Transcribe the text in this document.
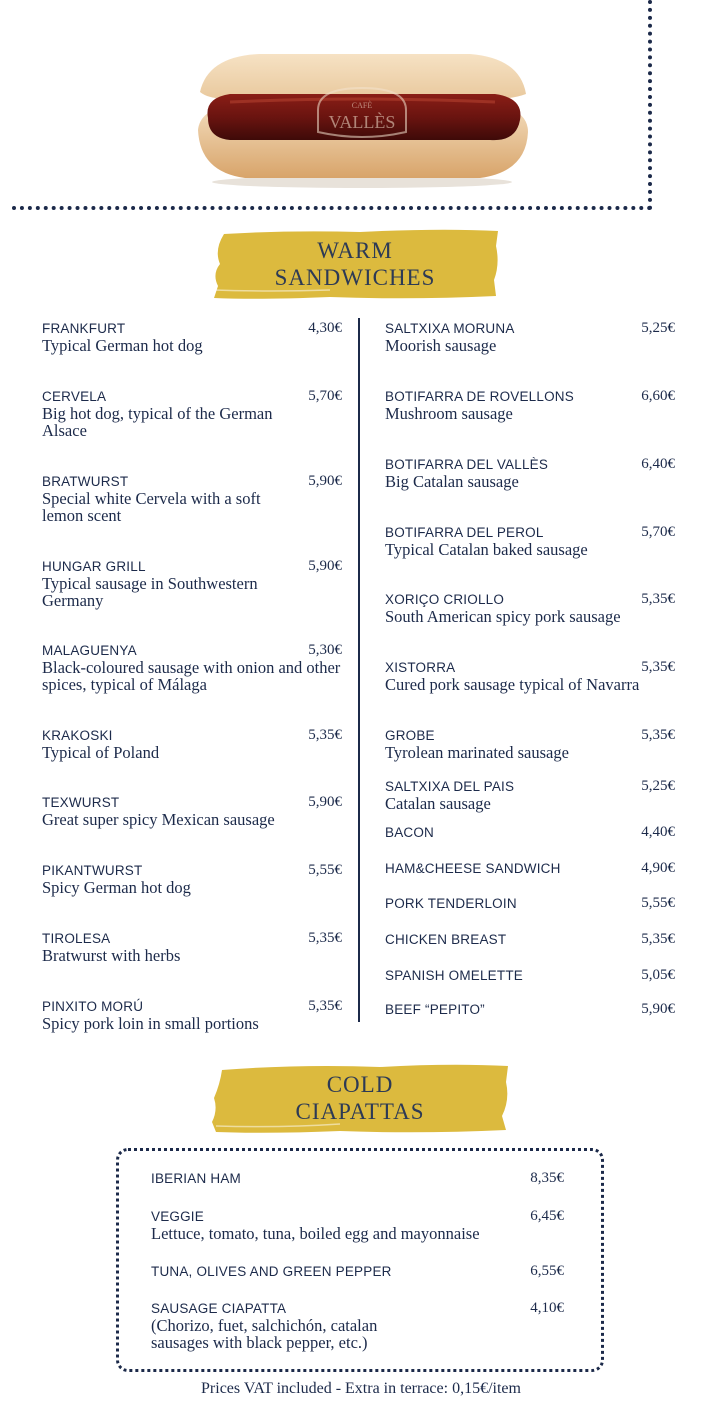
CAFÈ
VALLÈS
WARM
SANDWICHES
FRANKFURT	4,30€
Typical German hot dog
CERVELA	5,70€
Big hot dog, typical of the German Alsace
BRATWURST	5,90€
Special white Cervela with a soft lemon scent
HUNGAR GRILL	5,90€
Typical sausage in Southwestern Germany
MALAGUENYA	5,30€
Black-coloured sausage with onion and other spices, typical of Málaga
KRAKOSKI	5,35€
Typical of Poland
TEXWURST	5,90€
Great super spicy Mexican sausage
PIKANTWURST	5,55€
Spicy German hot dog
TIROLESA	5,35€
Bratwurst with herbs
PINXITO MORÚ	5,35€
Spicy pork loin in small portions
SALTXIXA MORUNA	5,25€
Moorish sausage
BOTIFARRA DE ROVELLONS	6,60€
Mushroom sausage
BOTIFARRA DEL VALLÈS	6,40€
Big Catalan sausage
BOTIFARRA DEL PEROL	5,70€
Typical Catalan baked sausage
XORIÇO CRIOLLO	5,35€
South American spicy pork sausage
XISTORRA	5,35€
Cured pork sausage typical of Navarra
GROBE	5,35€
Tyrolean marinated sausage
SALTXIXA DEL PAIS	5,25€
Catalan sausage
BACON	4,40€
HAM&CHEESE SANDWICH	4,90€
PORK TENDERLOIN	5,55€
CHICKEN BREAST	5,35€
SPANISH OMELETTE	5,05€
BEEF “PEPITO”	5,90€
COLD
CIAPATTAS
IBERIAN HAM	8,35€
VEGGIE	6,45€
Lettuce, tomato, tuna, boiled egg and mayonnaise
TUNA, OLIVES AND GREEN PEPPER	6,55€
SAUSAGE CIAPATTA	4,10€
(Chorizo, fuet, salchichón, catalan sausages with black pepper, etc.)
Prices VAT included - Extra in terrace: 0,15€/item
